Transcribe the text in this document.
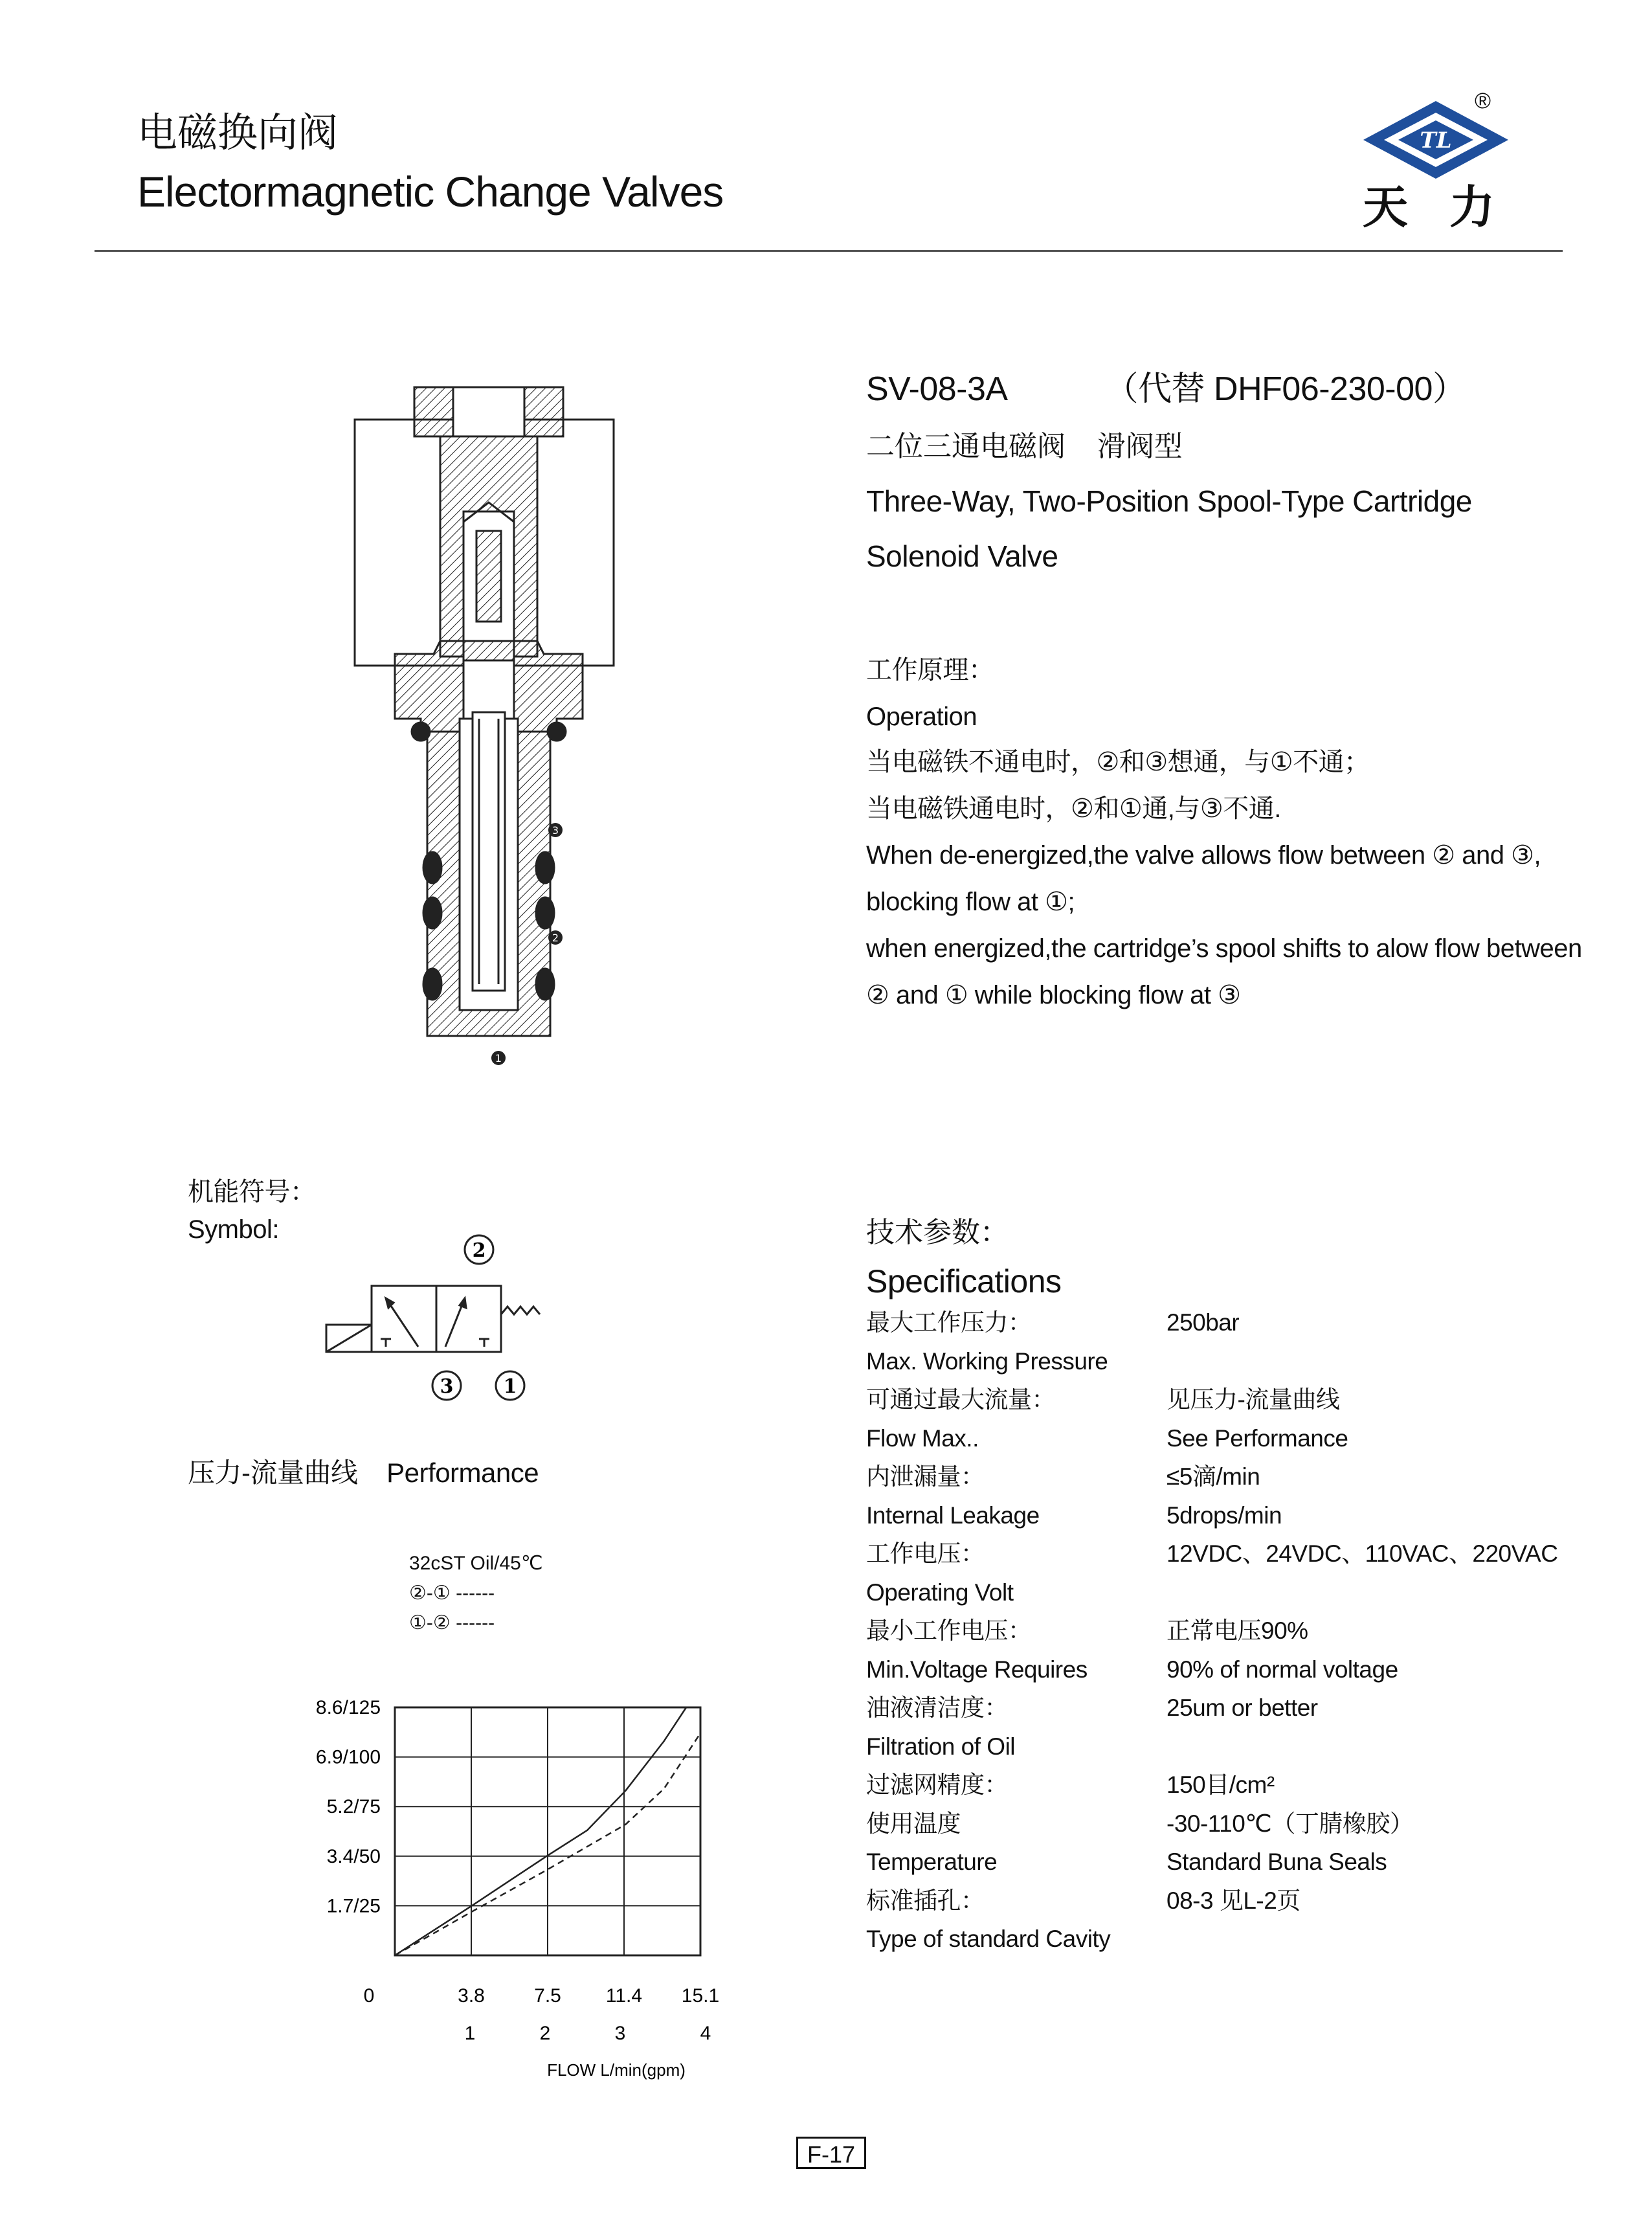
电磁换向阀
Electormagnetic Change Valves
TL
®
天力
3
2
1
SV-08-3A	（代替 DHF06-230-00）
二位三通电磁阀    滑阀型
Three-Way, Two-Position Spool-Type Cartridge
Solenoid Valve
工作原理：
Operation
当电磁铁不通电时，②和③想通，与①不通；
当电磁铁通电时，②和①通,与③不通.
When de-energized,the valve allows flow between ② and ③,
blocking flow at ①;
when energized,the cartridge’s spool shifts to alow flow between
② and ① while blocking flow at ③
机能符号：
Symbol:
2
3	1
压力-流量曲线    Performance
32cST Oil/45℃
②-① ------
①-② ------
1.7/25
3.4/50
5.2/75
6.9/100
8.6/125
0	3.8	7.5 11.4 15.1
1	2	3	4
FLOW L/min(gpm)
技术参数：
Specifications
最大工作压力：	250bar
Max. Working Pressure
可通过最大流量：	见压力-流量曲线
Flow Max..	See Performance
内泄漏量：	≤5滴/min
Internal Leakage	5drops/min
工作电压：	12VDC、24VDC、110VAC、220VAC
Operating Volt
最小工作电压：	正常电压90%
Min.Voltage Requires	90% of normal voltage
油液清洁度：	25um or better
Filtration of Oil
过滤网精度：	150目/cm²
使用温度	-30-110℃（丁腈橡胶）
Temperature	Standard Buna Seals
标准插孔：	08-3 见L-2页
Type of standard Cavity
F-17
